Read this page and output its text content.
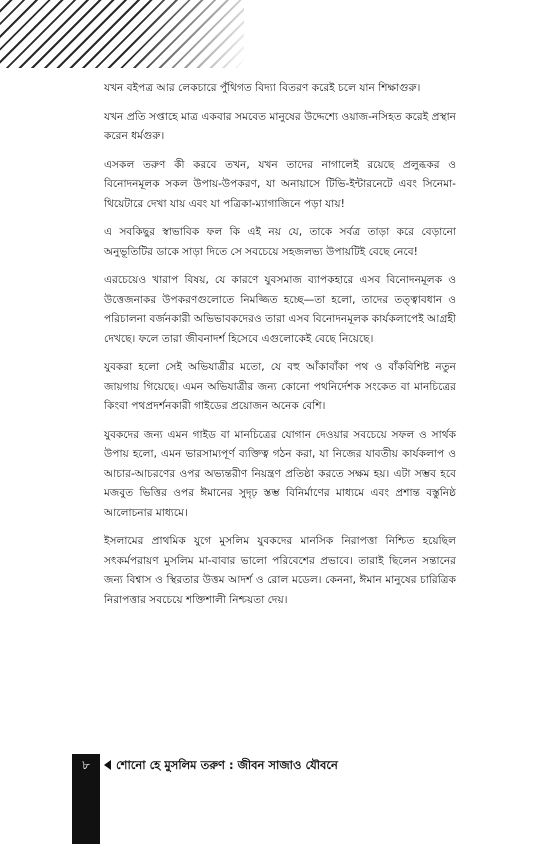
যখন বইপত্র আর লেকচারে পুঁথিগত বিদ্যা বিতরণ করেই চলে যান শিক্ষাগুরু।

যখন প্রতি সপ্তাহে মাত্র একবার সমবেত মানুষের উদ্দেশ্যে ওয়াজ-নসিহত করেই প্রস্থান করেন ধর্মগুরু।

এসকল তরুণ কী করবে তখন, যখন তাদের নাগালেই রয়েছে প্রলুব্ধকর ও বিনোদনমূলক সকল উপায়-উপকরণ, যা অনায়াসে টিভি-ইন্টারনেটে এবং সিনেমা-থিয়েটারে দেখা যায় এবং যা পত্রিকা-ম্যাগাজিনে পড়া যায়!

এ সবকিছুর স্বাভাবিক ফল কি এই নয় যে, তাকে সর্বত্র তাড়া করে বেড়ানো অনুভূতিটির ডাকে সাড়া দিতে সে সবচেয়ে সহজলভ্য উপায়টিই বেছে নেবে!

এরচেয়েও খারাপ বিষয়, যে কারণে যুবসমাজ ব্যাপকহারে এসব বিনোদনমূলক ও উত্তেজনাকর উপকরণগুলোতে নিমজ্জিত হচ্ছে—তা হলো, তাদের তত্ত্বাবধান ও পরিচালনা বর্জনকারী অভিভাবকদেরও তারা এসব বিনোদনমূলক কার্যকলাপেই আগ্রহী দেখছে। ফলে তারা জীবনাদর্শ হিসেবে এগুলোকেই বেছে নিয়েছে।

যুবকরা হলো সেই অভিযাত্রীর মতো, যে বহু আঁকাবাঁকা পথ ও বাঁকবিশিষ্ট নতুন জায়গায় গিয়েছে। এমন অভিযাত্রীর জন্য কোনো পথনির্দেশক সংকেত বা মানচিত্রের কিংবা পথপ্রদর্শনকারী গাইডের প্রয়োজন অনেক বেশি।

যুবকদের জন্য এমন গাইড বা মানচিত্রের যোগান দেওয়ার সবচেয়ে সফল ও সার্থক উপায় হলো, এমন ভারসাম্যপূর্ণ ব্যক্তিত্ব গঠন করা, যা নিজের যাবতীয় কার্যকলাপ ও আচার-আচরণের ওপর অভ্যন্তরীণ নিয়ন্ত্রণ প্রতিষ্ঠা করতে সক্ষম হয়। এটা সম্ভব হবে মজবুত ভিত্তির ওপর ঈমানের সুদৃঢ় স্তম্ভ বিনির্মাণের মাধ্যমে এবং প্রশান্ত বস্তুনিষ্ঠ আলোচনার মাধ্যমে।

ইসলামের প্রাথমিক যুগে মুসলিম যুবকদের মানসিক নিরাপত্তা নিশ্চিত হয়েছিল সৎকর্মপরায়ণ মুসলিম মা-বাবার ভালো পরিবেশের প্রভাবে। তারাই ছিলেন সন্তানের জন্য বিশ্বাস ও স্থিরতার উত্তম আদর্শ ও রোল মডেল। কেননা, ঈমান মানুষের চারিত্রিক নিরাপত্তার সবচেয়ে শক্তিশালী নিশ্চয়তা দেয়।

৮	শোনো হে মুসলিম তরুণ : জীবন সাজাও যৌবনে
